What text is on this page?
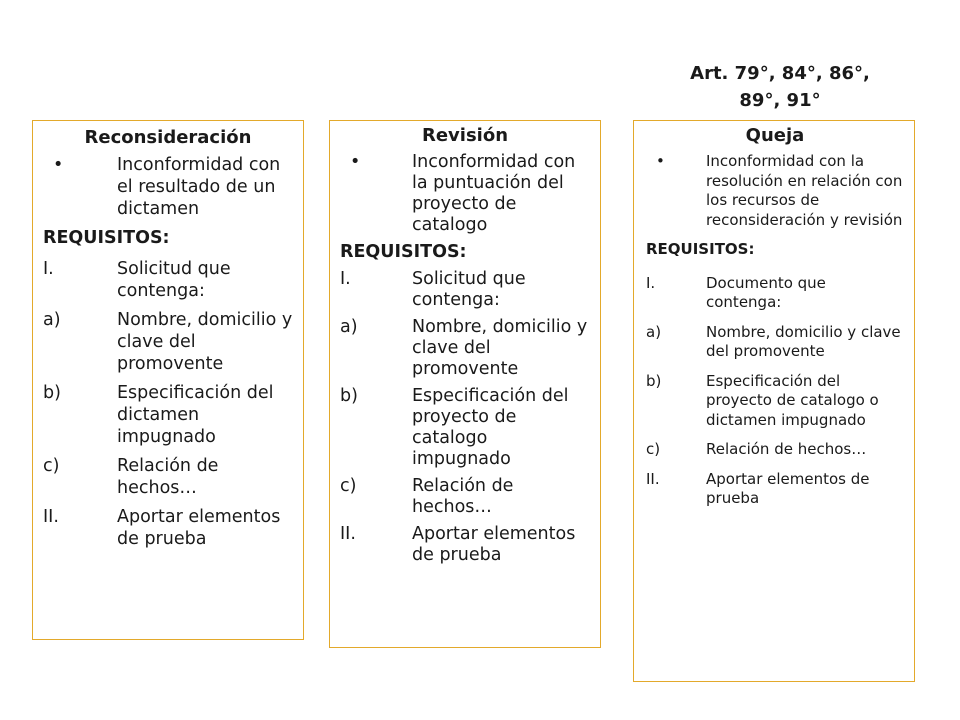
Art. 79°, 84°, 86°,
89°, 91°
Reconsideración
•	Inconformidad con el resultado de un dictamen
REQUISITOS:
I.	Solicitud que contenga:
a)	Nombre, domicilio y clave del promovente
b)	Especificación del dictamen impugnado
c)	Relación de hechos…
II.	Aportar elementos de prueba
Revisión
•	Inconformidad con la puntuación del proyecto de catalogo
REQUISITOS:
I.	Solicitud que contenga:
a)	Nombre, domicilio y clave del promovente
b)	Especificación del proyecto de catalogo impugnado
c)	Relación de hechos…
II.	Aportar elementos de prueba
Queja
•	Inconformidad con la resolución en relación con los recursos de reconsideración y revisión
REQUISITOS:
I.	Documento que contenga:
a)	Nombre, domicilio y clave del promovente
b)	Especificación del proyecto de catalogo o dictamen impugnado
c)	Relación de hechos…
II.	Aportar elementos de prueba
